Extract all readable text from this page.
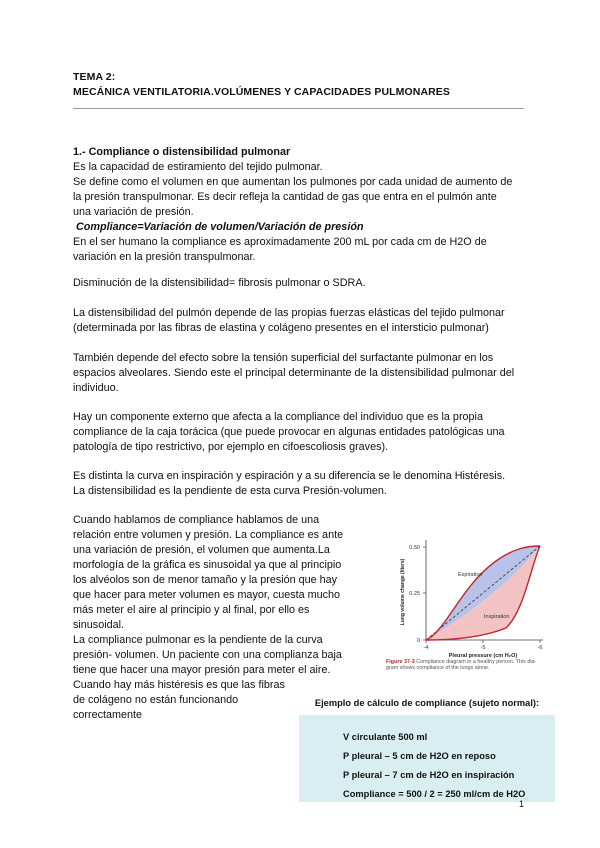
TEMA 2:
MECÁNICA VENTILATORIA.VOLÚMENES Y CAPACIDADES PULMONARES
1.- Compliance o distensibilidad pulmonar
Es la capacidad de estiramiento del tejido pulmonar.
Se define como el volumen en que aumentan los pulmones por cada unidad de aumento de
la presión transpulmonar. Es decir refleja la cantidad de gas que entra en el pulmón ante
una variación de presión.
Compliance=Variación de volumen/Variación de presión
En el ser humano la compliance es aproximadamente 200 mL por cada cm de H2O de
variación en la presión transpulmonar.
Disminución de la distensibilidad= fibrosis pulmonar o SDRA.
La distensibilidad del pulmón depende de las propias fuerzas elásticas del tejido pulmonar
(determinada por las fibras de elastina y colágeno presentes en el intersticio pulmonar)
También depende del efecto sobre la tensión superficial del surfactante pulmonar en los
espacios alveolares. Siendo este el principal determinante de la distensibilidad pulmonar del
individuo.
Hay un componente externo que afecta a la compliance del individuo que es la propia
compliance de la caja torácica (que puede provocar en algunas entidades patológicas una
patología de tipo restrictivo, por ejemplo en cifoescoliosis graves).
Es distinta la curva en inspiración y espiración y a su diferencia se le denomina Histéresis.
La distensibilidad es la pendiente de esta curva Presión-volumen.
Cuando hablamos de compliance hablamos de una
relación entre volumen y presión. La compliance es ante
una variación de presión, el volumen que aumenta.La
morfología de la gráfica es sinusoidal ya que al principio
los alvéolos son de menor tamaño y la presión que hay
que hacer para meter volumen es mayor, cuesta mucho
más meter el aire al principio y al final, por ello es
sinusoidal.
La compliance pulmonar es la pendiente de la curva
presión- volumen. Un paciente con una complianza baja
tiene que hacer una mayor presión para meter el aire.
Cuando hay más histéresis es que las fibras
de colágeno no están funcionando
correctamente
0.50
0.25
0
-4	-5	-6
Pleural pressure (cm H₂O)
Lung volume change (liters)	Expiration
Inspiration
Figure 37-3 Compliance diagram in a healthy person. This dia-
gram shows compliance of the lungs alone.
Ejemplo de cálculo de compliance (sujeto normal):
V circulante 500 ml
P pleural – 5 cm de H2O en reposo
P pleural – 7 cm de H2O en inspiración
Compliance = 500 / 2 = 250 ml/cm de H2O
1
